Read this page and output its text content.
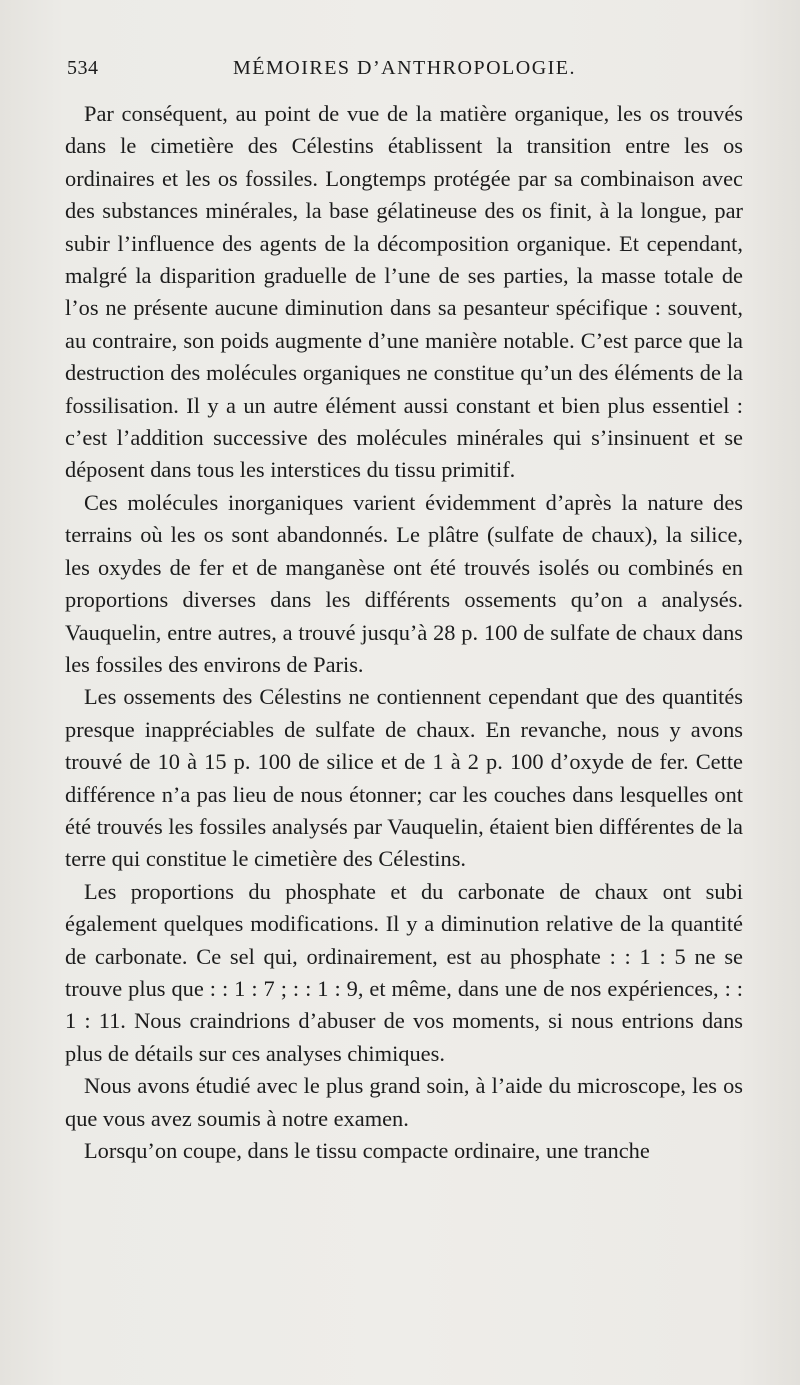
534	MÉMOIRES D’ANTHROPOLOGIE.

Par conséquent, au point de vue de la matière organique, les os trouvés dans le cimetière des Célestins établissent la transition entre les os ordinaires et les os fossiles. Longtemps protégée par sa combinaison avec des substances minérales, la base gélatineuse des os finit, à la longue, par subir l’influence des agents de la décomposition organique. Et cependant, malgré la disparition graduelle de l’une de ses parties, la masse totale de l’os ne présente aucune diminution dans sa pesanteur spécifique : souvent, au contraire, son poids augmente d’une manière notable. C’est parce que la destruction des molécules organiques ne constitue qu’un des éléments de la fossilisation. Il y a un autre élément aussi constant et bien plus essentiel : c’est l’addition successive des molécules minérales qui s’insinuent et se déposent dans tous les interstices du tissu primitif.

Ces molécules inorganiques varient évidemment d’après la nature des terrains où les os sont abandonnés. Le plâtre (sulfate de chaux), la silice, les oxydes de fer et de manganèse ont été trouvés isolés ou combinés en proportions diverses dans les différents ossements qu’on a analysés. Vauquelin, entre autres, a trouvé jusqu’à 28 p. 100 de sulfate de chaux dans les fossiles des environs de Paris.

Les ossements des Célestins ne contiennent cependant que des quantités presque inappréciables de sulfate de chaux. En revanche, nous y avons trouvé de 10 à 15 p. 100 de silice et de 1 à 2 p. 100 d’oxyde de fer. Cette différence n’a pas lieu de nous étonner; car les couches dans lesquelles ont été trouvés les fossiles analysés par Vauquelin, étaient bien différentes de la terre qui constitue le cimetière des Célestins.

Les proportions du phosphate et du carbonate de chaux ont subi également quelques modifications. Il y a diminution relative de la quantité de carbonate. Ce sel qui, ordinairement, est au phosphate : : 1 : 5 ne se trouve plus que : : 1 : 7 ; : : 1 : 9, et même, dans une de nos expériences, : : 1 : 11. Nous craindrions d’abuser de vos moments, si nous entrions dans plus de détails sur ces analyses chimiques.

Nous avons étudié avec le plus grand soin, à l’aide du microscope, les os que vous avez soumis à notre examen.

Lorsqu’on coupe, dans le tissu compacte ordinaire, une tranche
